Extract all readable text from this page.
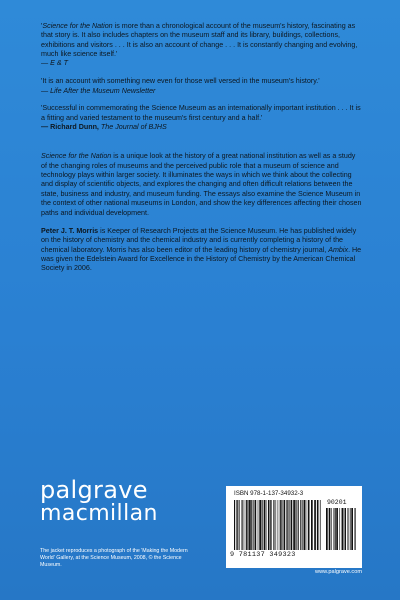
'Science for the Nation is more than a chronological account of the museum's history, fascinating as that story is. It also includes chapters on the museum staff and its library, buildings, collections, exhibitions and visitors . . . It is also an account of change . . . It is constantly changing and evolving, much like science itself.'
— E & T

'It is an account with something new even for those well versed in the museum's history.'
— Life After the Museum Newsletter

'Successful in commemorating the Science Museum as an internationally important institution . . . It is a fitting and varied testament to the museum's first century and a half.'
— Richard Dunn, The Journal of BJHS

Science for the Nation is a unique look at the history of a great national institution as well as a study of the changing roles of museums and the perceived public role that a museum of science and technology plays within larger society. It illuminates the ways in which we think about the collecting and display of scientific objects, and explores the changing and often difficult relations between the state, business and industry, and museum funding. The essays also examine the Science Museum in the context of other national museums in London, and show the key differences affecting their chosen paths and individual development.

Peter J. T. Morris is Keeper of Research Projects at the Science Museum. He has published widely on the history of chemistry and the chemical industry and is currently completing a history of the chemical laboratory. Morris has also been editor of the leading history of chemistry journal, Ambix. He was given the Edelstein Award for Excellence in the History of Chemistry by the American Chemical Society in 2006.

palgrave
macmillan

The jacket reproduces a photograph of the 'Making the Modern World' Gallery, at the Science Museum, 2008, © the Science Museum.

ISBN 978-1-137-34932-3
90201
9 781137 349323
www.palgrave.com
